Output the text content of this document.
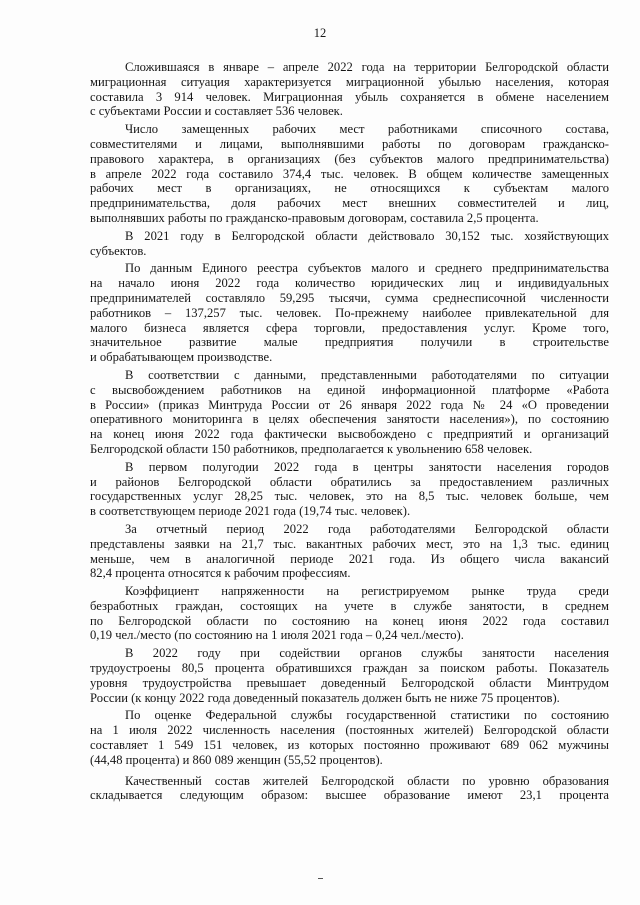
12
Сложившаяся в январе – апреле 2022 года на территории Белгородской области
миграционная ситуация характеризуется миграционной убылью населения, которая
составила 3 914 человек. Миграционная убыль сохраняется в обмене населением
с субъектами России и составляет 536 человек.
Число замещенных рабочих мест работниками списочного состава,
совместителями и лицами, выполнявшими работы по договорам гражданско-
правового характера, в организациях (без субъектов малого предпринимательства)
в апреле 2022 года составило 374,4 тыс. человек. В общем количестве замещенных
рабочих мест в организациях, не относящихся к субъектам малого
предпринимательства, доля рабочих мест внешних совместителей и лиц,
выполнявших работы по гражданско-правовым договорам, составила 2,5 процента.
В 2021 году в Белгородской области действовало 30,152 тыс. хозяйствующих
субъектов.
По данным Единого реестра субъектов малого и среднего предпринимательства
на начало июня 2022 года количество юридических лиц и индивидуальных
предпринимателей составляло 59,295 тысячи, сумма среднесписочной численности
работников – 137,257 тыс. человек. По-прежнему наиболее привлекательной для
малого бизнеса является сфера торговли, предоставления услуг. Кроме того,
значительное развитие малые предприятия получили в строительстве
и обрабатывающем производстве.
В соответствии с данными, представленными работодателями по ситуации
с высвобождением работников на единой информационной платформе «Работа
в России» (приказ Минтруда России от 26 января 2022 года № 24 «О проведении
оперативного мониторинга в целях обеспечения занятости населения»), по состоянию
на конец июня 2022 года фактически высвобождено с предприятий и организаций
Белгородской области 150 работников, предполагается к увольнению 658 человек.
В первом полугодии 2022 года в центры занятости населения городов
и районов Белгородской области обратились за предоставлением различных
государственных услуг 28,25 тыс. человек, это на 8,5 тыс. человек больше, чем
в соответствующем периоде 2021 года (19,74 тыс. человек).
За отчетный период 2022 года работодателями Белгородской области
представлены заявки на 21,7 тыс. вакантных рабочих мест, это на 1,3 тыс. единиц
меньше, чем в аналогичной периоде 2021 года. Из общего числа вакансий
82,4 процента относятся к рабочим профессиям.
Коэффициент напряженности на регистрируемом рынке труда среди
безработных граждан, состоящих на учете в службе занятости, в среднем
по Белгородской области по состоянию на конец июня 2022 года составил
0,19 чел./место (по состоянию на 1 июля 2021 года – 0,24 чел./место).
В 2022 году при содействии органов службы занятости населения
трудоустроены 80,5 процента обратившихся граждан за поиском работы. Показатель
уровня трудоустройства превышает доведенный Белгородской области Минтрудом
России (к концу 2022 года доведенный показатель должен быть не ниже 75 процентов).
По оценке Федеральной службы государственной статистики по состоянию
на 1 июля 2022 численность населения (постоянных жителей) Белгородской области
составляет 1 549 151 человек, из которых постоянно проживают 689 062 мужчины
(44,48 процента) и 860 089 женщин (55,52 процентов).
Качественный состав жителей Белгородской области по уровню образования
складывается следующим образом: высшее образование имеют 23,1 процента
